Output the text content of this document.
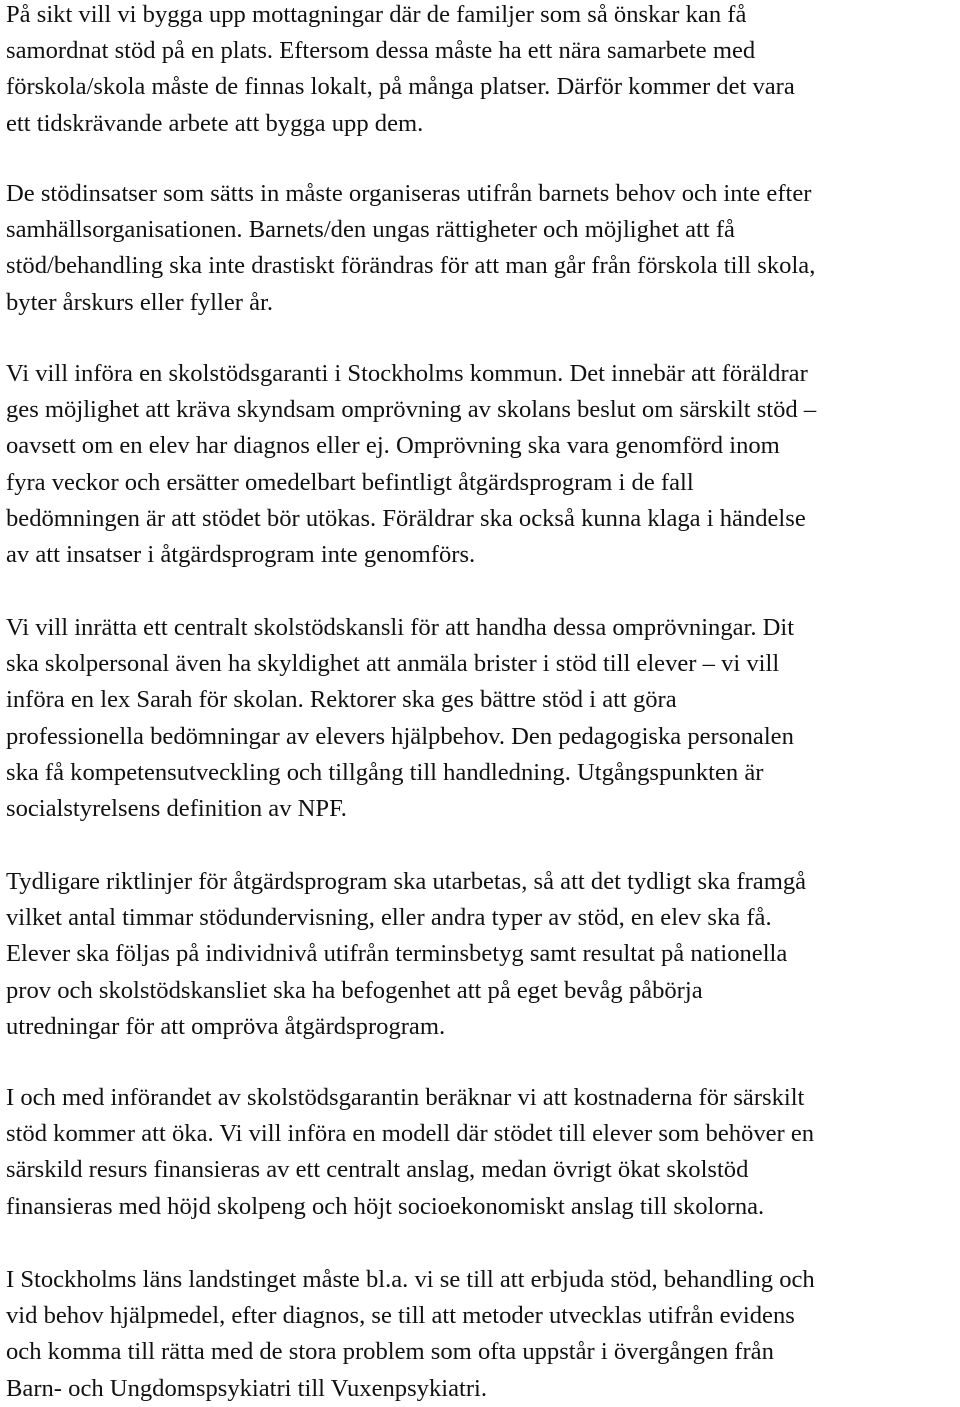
På sikt vill vi bygga upp mottagningar där de familjer som så önskar kan få
samordnat stöd på en plats. Eftersom dessa måste ha ett nära samarbete med
förskola/skola måste de finnas lokalt, på många platser. Därför kommer det vara
ett tidskrävande arbete att bygga upp dem.
De stödinsatser som sätts in måste organiseras utifrån barnets behov och inte efter
samhällsorganisationen. Barnets/den ungas rättigheter och möjlighet att få
stöd/behandling ska inte drastiskt förändras för att man går från förskola till skola,
byter årskurs eller fyller år.
Vi vill införa en skolstödsgaranti i Stockholms kommun. Det innebär att föräldrar
ges möjlighet att kräva skyndsam omprövning av skolans beslut om särskilt stöd –
oavsett om en elev har diagnos eller ej. Omprövning ska vara genomförd inom
fyra veckor och ersätter omedelbart befintligt åtgärdsprogram i de fall
bedömningen är att stödet bör utökas. Föräldrar ska också kunna klaga i händelse
av att insatser i åtgärdsprogram inte genomförs.
Vi vill inrätta ett centralt skolstödskansli för att handha dessa omprövningar. Dit
ska skolpersonal även ha skyldighet att anmäla brister i stöd till elever – vi vill
införa en lex Sarah för skolan. Rektorer ska ges bättre stöd i att göra
professionella bedömningar av elevers hjälpbehov. Den pedagogiska personalen
ska få kompetensutveckling och tillgång till handledning. Utgångspunkten är
socialstyrelsens definition av NPF.
Tydligare riktlinjer för åtgärdsprogram ska utarbetas, så att det tydligt ska framgå
vilket antal timmar stödundervisning, eller andra typer av stöd, en elev ska få.
Elever ska följas på individnivå utifrån terminsbetyg samt resultat på nationella
prov och skolstödskansliet ska ha befogenhet att på eget bevåg påbörja
utredningar för att ompröva åtgärdsprogram.
I och med införandet av skolstödsgarantin beräknar vi att kostnaderna för särskilt
stöd kommer att öka. Vi vill införa en modell där stödet till elever som behöver en
särskild resurs finansieras av ett centralt anslag, medan övrigt ökat skolstöd
finansieras med höjd skolpeng och höjt socioekonomiskt anslag till skolorna.
I Stockholms läns landstinget måste bl.a. vi se till att erbjuda stöd, behandling och
vid behov hjälpmedel, efter diagnos, se till att metoder utvecklas utifrån evidens
och komma till rätta med de stora problem som ofta uppstår i övergången från
Barn- och Ungdomspsykiatri till Vuxenpsykiatri.
